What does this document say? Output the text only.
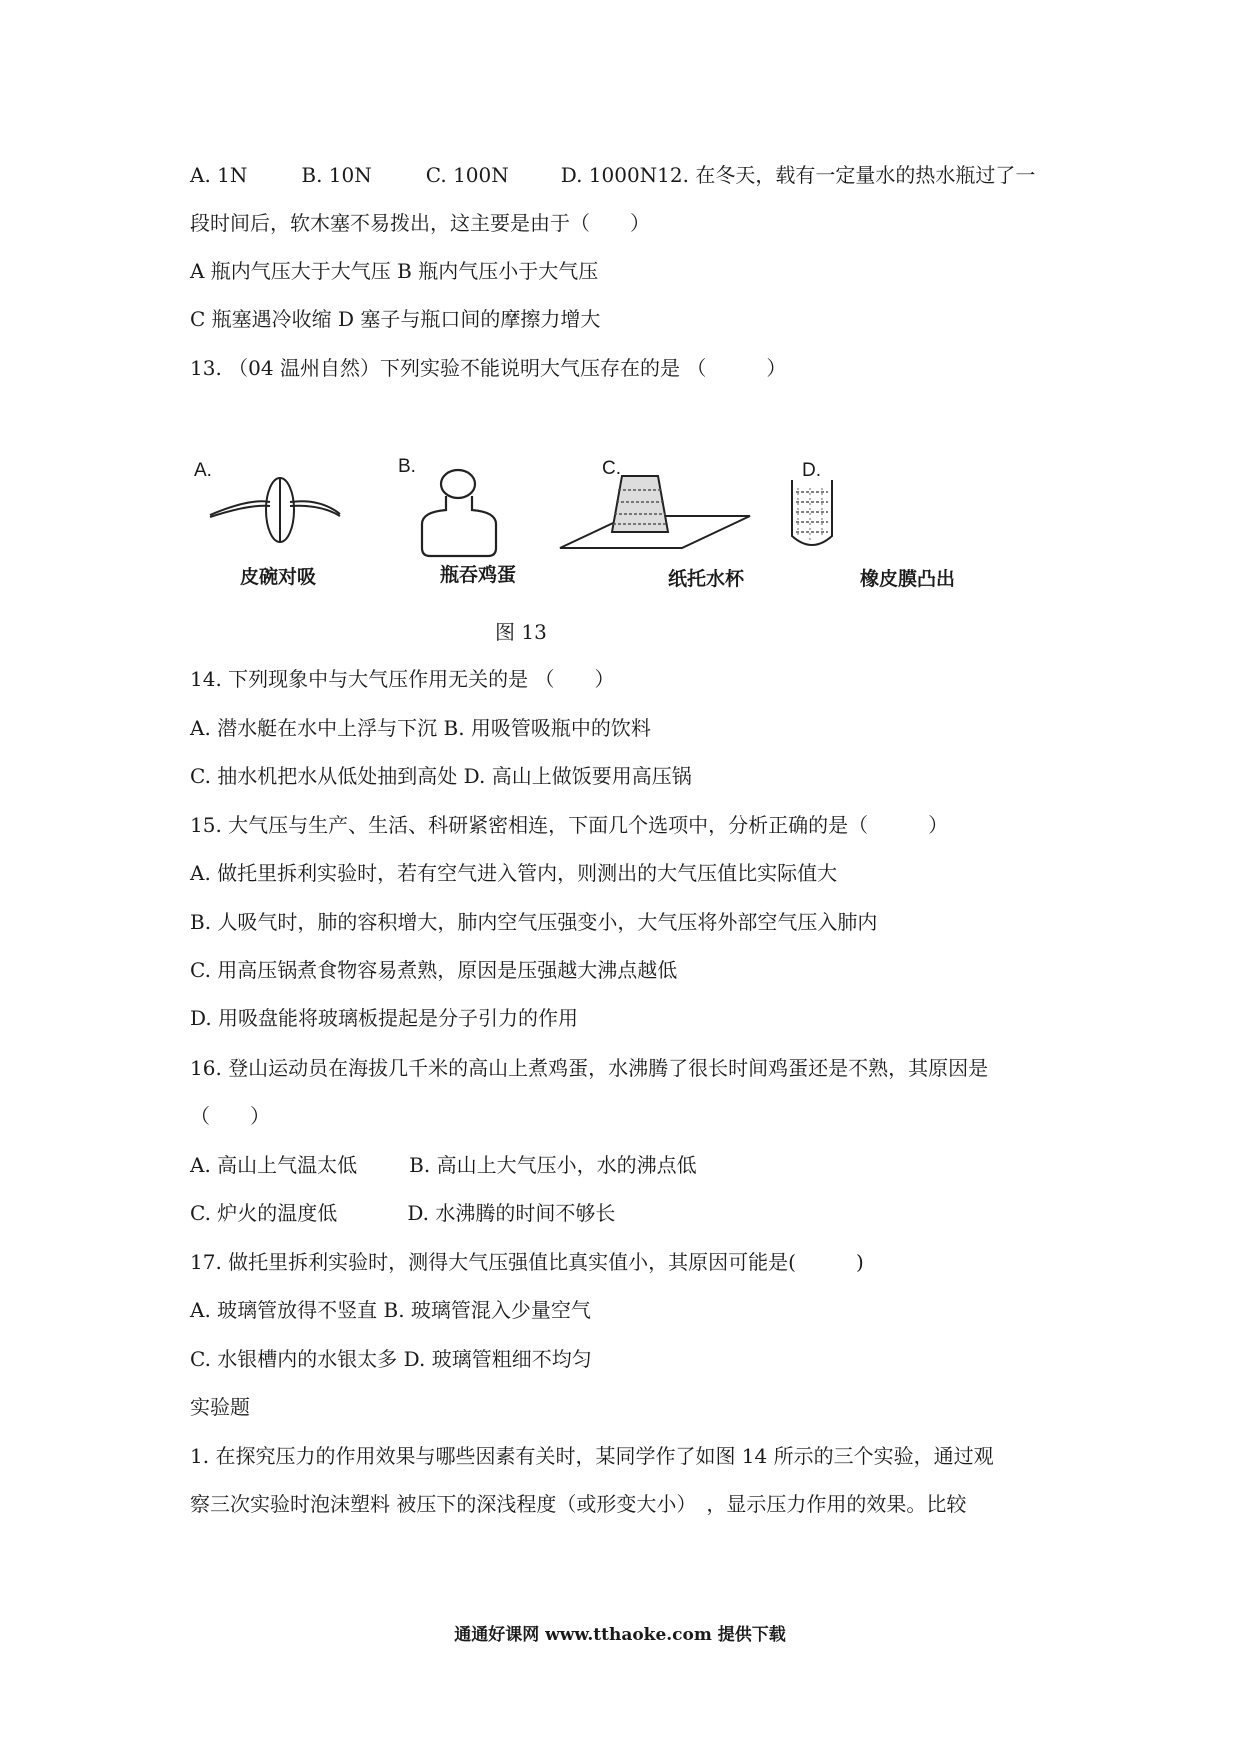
A. 1N	B. 10N	C. 100N	D. 1000N12. 在冬天，载有一定量水的热水瓶过了一

段时间后，软木塞不易拨出，这主要是由于（　　）

A 瓶内气压大于大气压 B 瓶内气压小于大气压

C 瓶塞遇冷收缩 D 塞子与瓶口间的摩擦力增大

13. （04 温州自然）下列实验不能说明大气压存在的是 （　　　）

A.	B.	C.	D.
皮碗对吸	瓶吞鸡蛋	纸托水杯	橡皮膜凸出
图 13

14. 下列现象中与大气压作用无关的是 （　　）

A. 潜水艇在水中上浮与下沉 B. 用吸管吸瓶中的饮料

C. 抽水机把水从低处抽到高处 D. 高山上做饭要用高压锅

15. 大气压与生产、生活、科研紧密相连，下面几个选项中，分析正确的是（　　　）

A. 做托里拆利实验时，若有空气进入管内，则测出的大气压值比实际值大

B. 人吸气时，肺的容积增大，肺内空气压强变小，大气压将外部空气压入肺内

C. 用高压锅煮食物容易煮熟，原因是压强越大沸点越低

D. 用吸盘能将玻璃板提起是分子引力的作用

16. 登山运动员在海拔几千米的高山上煮鸡蛋，水沸腾了很长时间鸡蛋还是不熟，其原因是

（　　）

A. 高山上气温太低	B. 高山上大气压小，水的沸点低

C. 炉火的温度低	D. 水沸腾的时间不够长

17. 做托里拆利实验时，测得大气压强值比真实值小，其原因可能是(　　　)

A. 玻璃管放得不竖直 B. 玻璃管混入少量空气

C. 水银槽内的水银太多 D. 玻璃管粗细不均匀

实验题

1. 在探究压力的作用效果与哪些因素有关时，某同学作了如图 14 所示的三个实验，通过观

察三次实验时泡沫塑料 被压下的深浅程度（或形变大小）　，显示压力作用的效果。比较

通通好课网 www.tthaoke.com 提供下载
